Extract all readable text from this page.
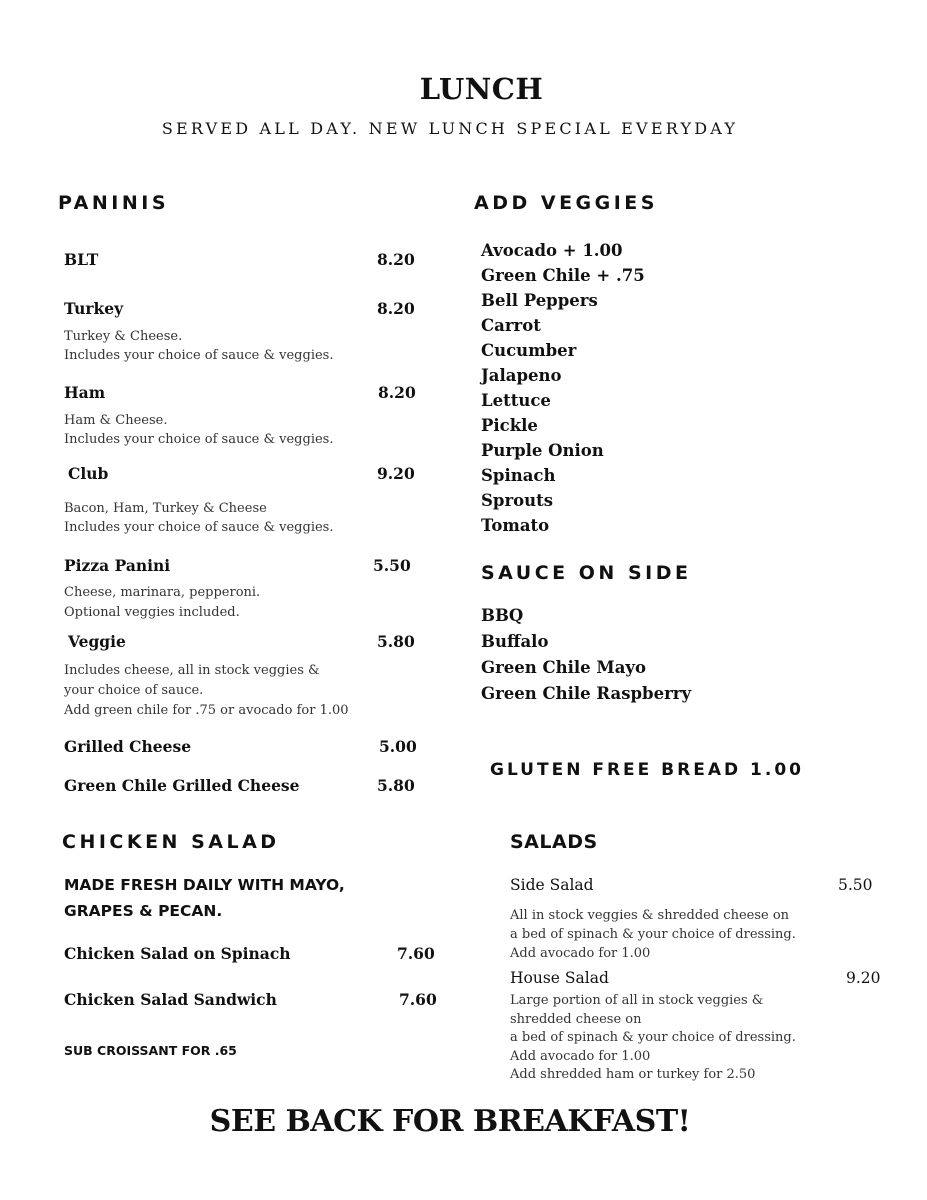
LUNCH
SERVED ALL DAY. NEW LUNCH SPECIAL EVERYDAY
PANINIS
BLT	8.20
Turkey	8.20
Turkey & Cheese.
Includes your choice of sauce & veggies.
Ham	8.20
Ham & Cheese.
Includes your choice of sauce & veggies.
Club	9.20
Bacon, Ham, Turkey & Cheese
Includes your choice of sauce & veggies.
Pizza Panini	5.50
Cheese, marinara, pepperoni.
Optional veggies included.
Veggie	5.80
Includes cheese, all in stock veggies &
your choice of sauce.
Add green chile for .75 or avocado for 1.00
Grilled Cheese	5.00
Green Chile Grilled Cheese	5.80
ADD VEGGIES
Avocado + 1.00
Green Chile + .75
Bell Peppers
Carrot
Cucumber
Jalapeno
Lettuce
Pickle
Purple Onion
Spinach
Sprouts
Tomato
SAUCE ON SIDE
BBQ
Buffalo
Green Chile Mayo
Green Chile Raspberry
GLUTEN FREE BREAD 1.00
CHICKEN SALAD
MADE FRESH DAILY WITH MAYO,
GRAPES & PECAN.
Chicken Salad on Spinach	7.60
Chicken Salad Sandwich	7.60
SUB CROISSANT FOR .65
SALADS
Side Salad	5.50
All in stock veggies & shredded cheese on
a bed of spinach & your choice of dressing.
Add avocado for 1.00
House Salad	9.20
Large portion of all in stock veggies &
shredded cheese on
a bed of spinach & your choice of dressing.
Add avocado for 1.00
Add shredded ham or turkey for 2.50
SEE BACK FOR BREAKFAST!
